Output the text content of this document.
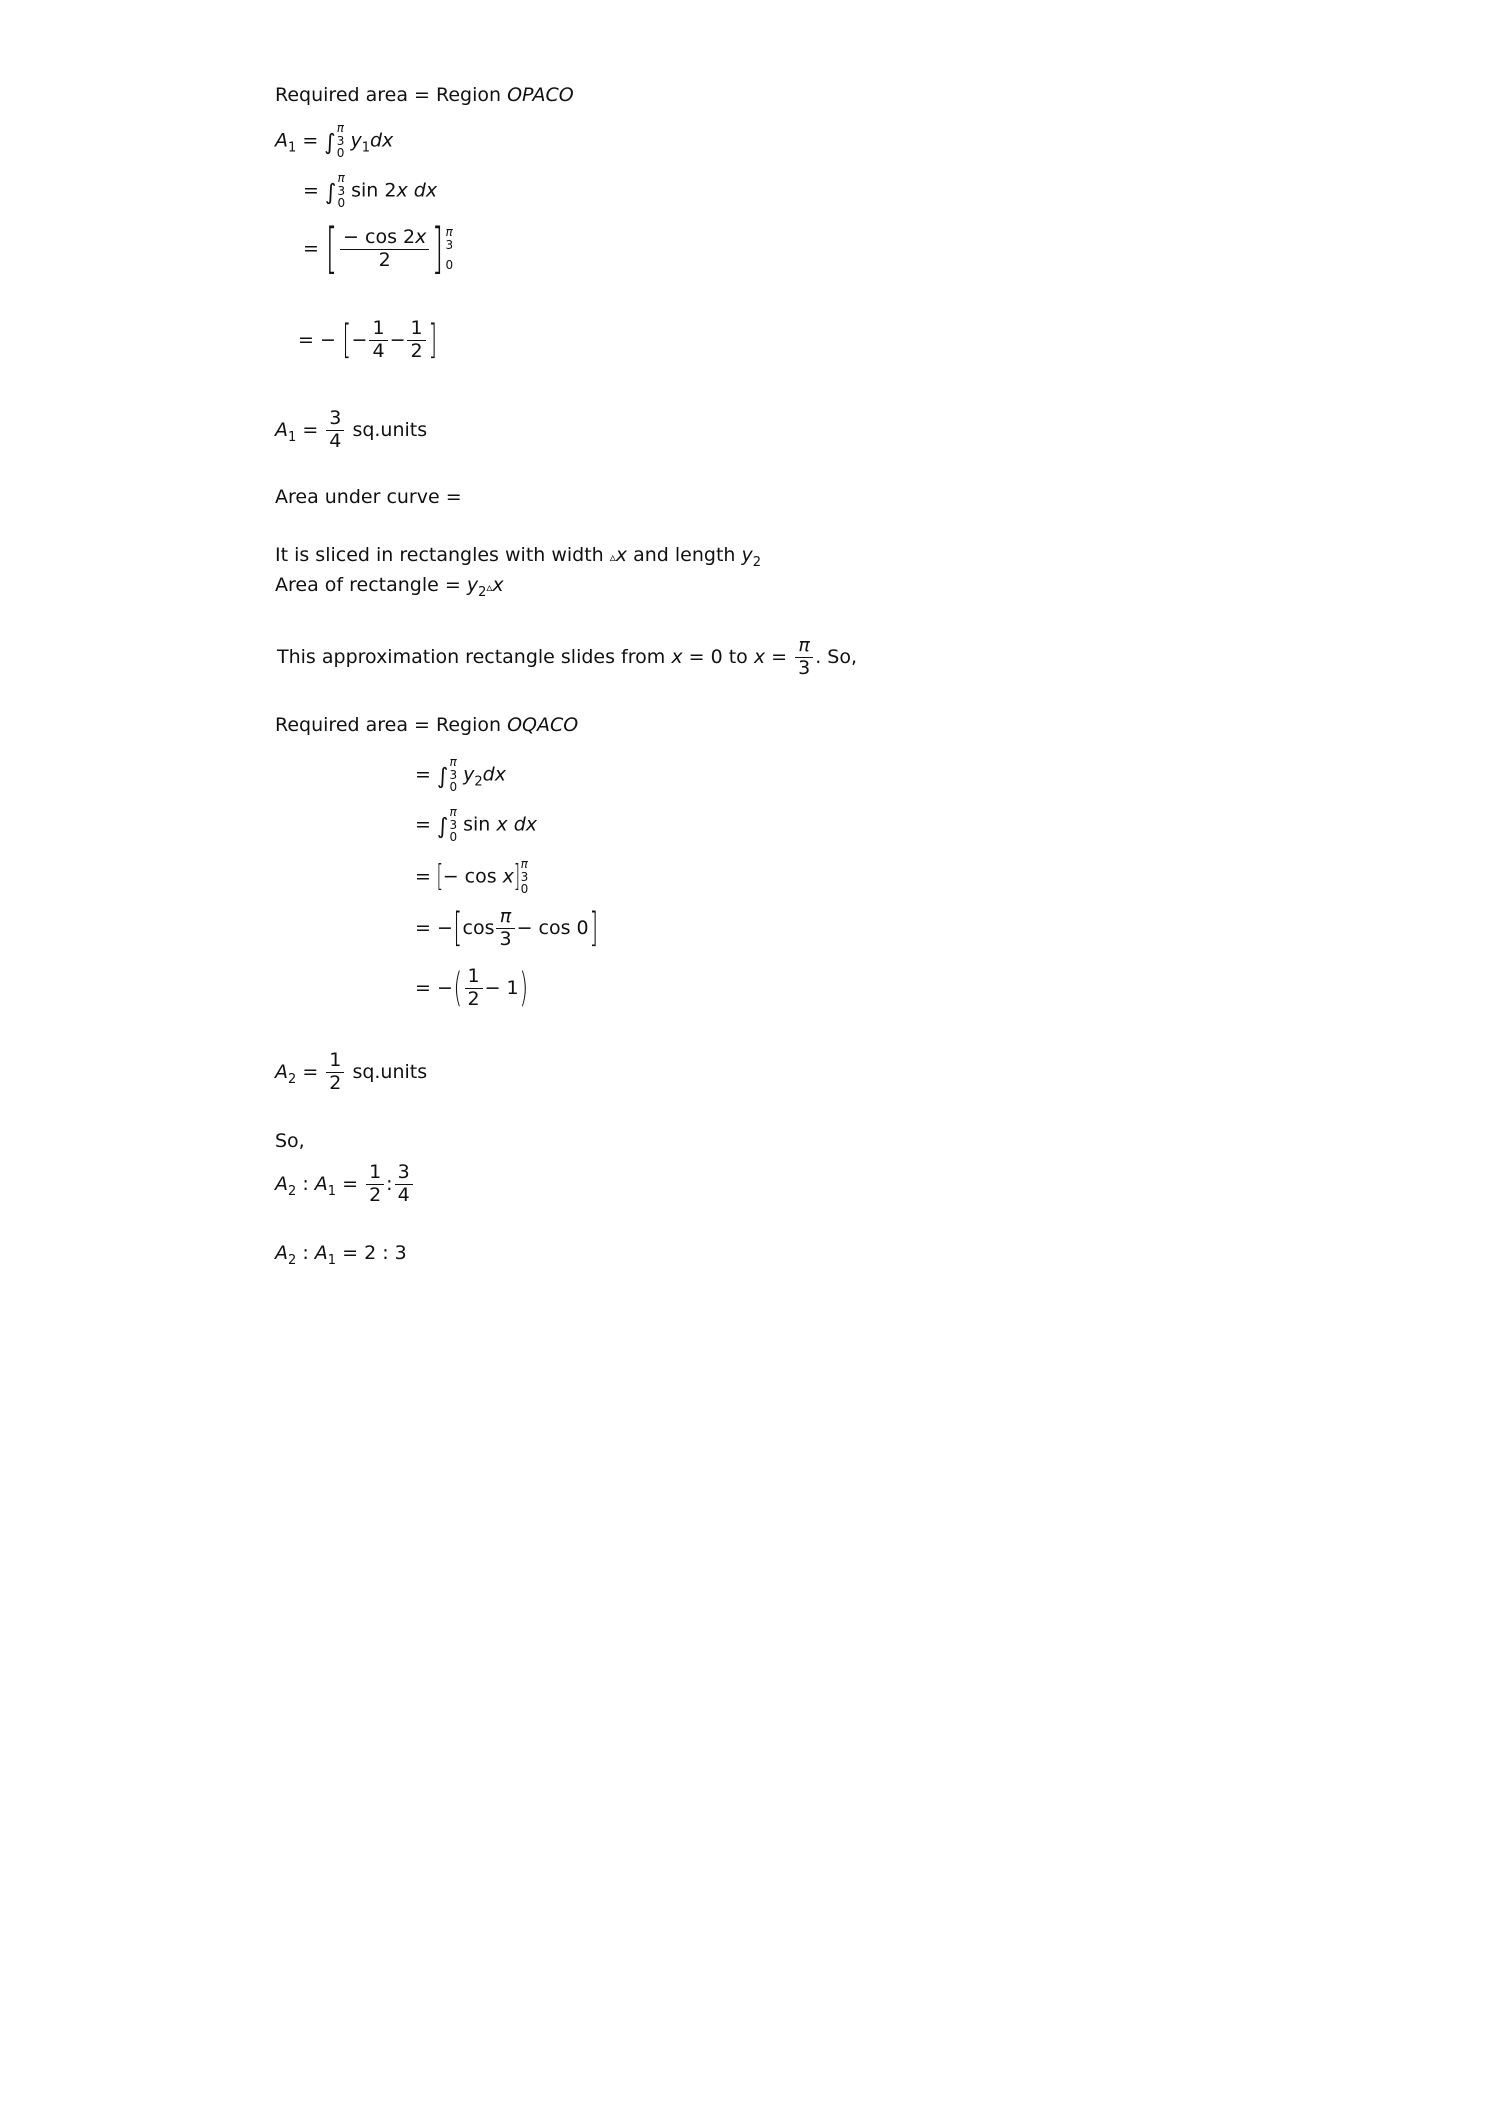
Required area = Region OPACO
$A_1$ = ∫
π
3
0
$y_1dx$
= ∫
π
3
0
sin 2x dx
= [ $\frac{- \cos 2x}{2}$ ] π
3
0
= − [− $\frac{1}{4} - \frac{1}{2}$ ]
$A_1 = \frac{3}{4}$ sq.units
Area under curve =
It is sliced in rectangles with width ▵x and length $y_2$
Area of rectangle = $y_2▵x$
This approximation rectangle slides from x = 0 to $x = \frac{\pi}{3}$ . So,
Required area = Region OQACO
= ∫
π
3
0
$y_2dx$
= ∫
π
3
0
sin x dx
= [− cos x] π
3
0
= $-[\cos \frac{\pi}{3} - \cos 0]$
= −( $\frac{1}{2} - 1$)
$A_2 = \frac{1}{2}$ sq.units
So,
$A_2$ : $A_1 = \frac{1}{2}$ : $\frac{3}{4}$
$A_2$ : $A_1 = 2$ : 3
